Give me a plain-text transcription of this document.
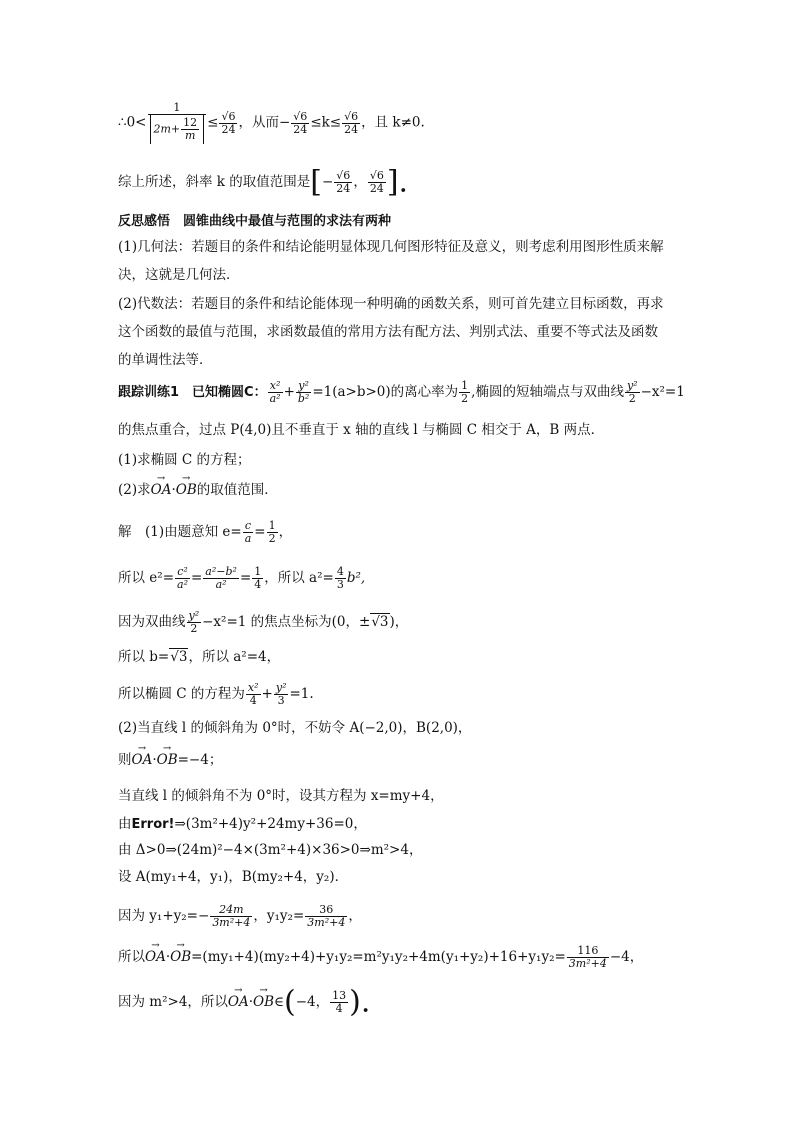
∴0< $\frac{1}{2m+ \frac{12}{m}} \le \frac{√6}{24}$ ，从而− $\frac{√6}{24} \le k\le \frac{√6}{24}$ ，且 k≠0.
综上所述，斜率 k 的取值范围是[− $\frac{√6}{24}$ ， $\frac{√6}{24}$ ].
反思感悟　圆锥曲线中最值与范围的求法有两种
(1)几何法：若题目的条件和结论能明显体现几何图形特征及意义，则考虑利用图形性质来解
决，这就是几何法．
(2)代数法：若题目的条件和结论能体现一种明确的函数关系，则可首先建立目标函数，再求
这个函数的最值与范围，求函数最值的常用方法有配方法、判别式法、重要不等式法及函数
的单调性法等．
跟踪训练1　已知椭圆C： $\frac{\text{x²}}{\text{a²}} + \frac{\text{y²}}{\text{b²}} =1(a>b>0)$的离心率为 $\frac{1}{2}$ ,椭圆的短轴端点与双曲线 $\frac{\text{y²}}{2} -x^2=1$
的焦点重合，过点 P(4,0)且不垂直于 x 轴的直线 l 与椭圆 C 相交于 A，B 两点．
(1)求椭圆 C 的方程；
(2)求→ OA·→ OB的取值范围．
解　(1)由题意知 $e= \frac{c}{a} = \frac{1}{2}$ ，
所以 $e^2= \frac{\text{c²}}{\text{a²}} = \frac{\text{a²−b²}}{\text{a²}} = \frac{1}{4}$ ，所以 $a^2= \frac{4}{3} b^2$,
因为双曲线 $\frac{\text{y²}}{2} -x^2=1$ 的焦点坐标为(0，±√3)，
所以 b=√3，所以 a²=4，
所以椭圆 C 的方程为 $\frac{\text{x²}}{4} + \frac{\text{y²}}{3} =1$.
(2)当直线 l 的倾斜角为 0°时，不妨令 A(−2,0)，B(2,0)，
则→ OA·→ OB=−4；
当直线 l 的倾斜角不为 0°时，设其方程为 x=my+4，
由Error!⇒(3m²+4)y²+24my+36=0，
由 Δ>0⇒(24m)²−4×(3m²+4)×36>0⇒m²>4，
设 A(my₁+4，y₁)，B(my₂+4，y₂)．
因为 $y_1+y_2=- \frac{24m}{\text{3m²+4}}$ ，$y_1y_2= \frac{36}{\text{3m²+4}}$ ，
所以→ $OA\cdot\to OB=(my_1+4)(my_2+4)+y_1y_2=m^2y_1y_2+4m(y_1+y_2)+16+y_1y_2= \frac{116}{\text{3m²+4}} -4$，
因为 m²>4，所以→ OA·→ OB∈(−4， $\frac{13}{4}$ ).
